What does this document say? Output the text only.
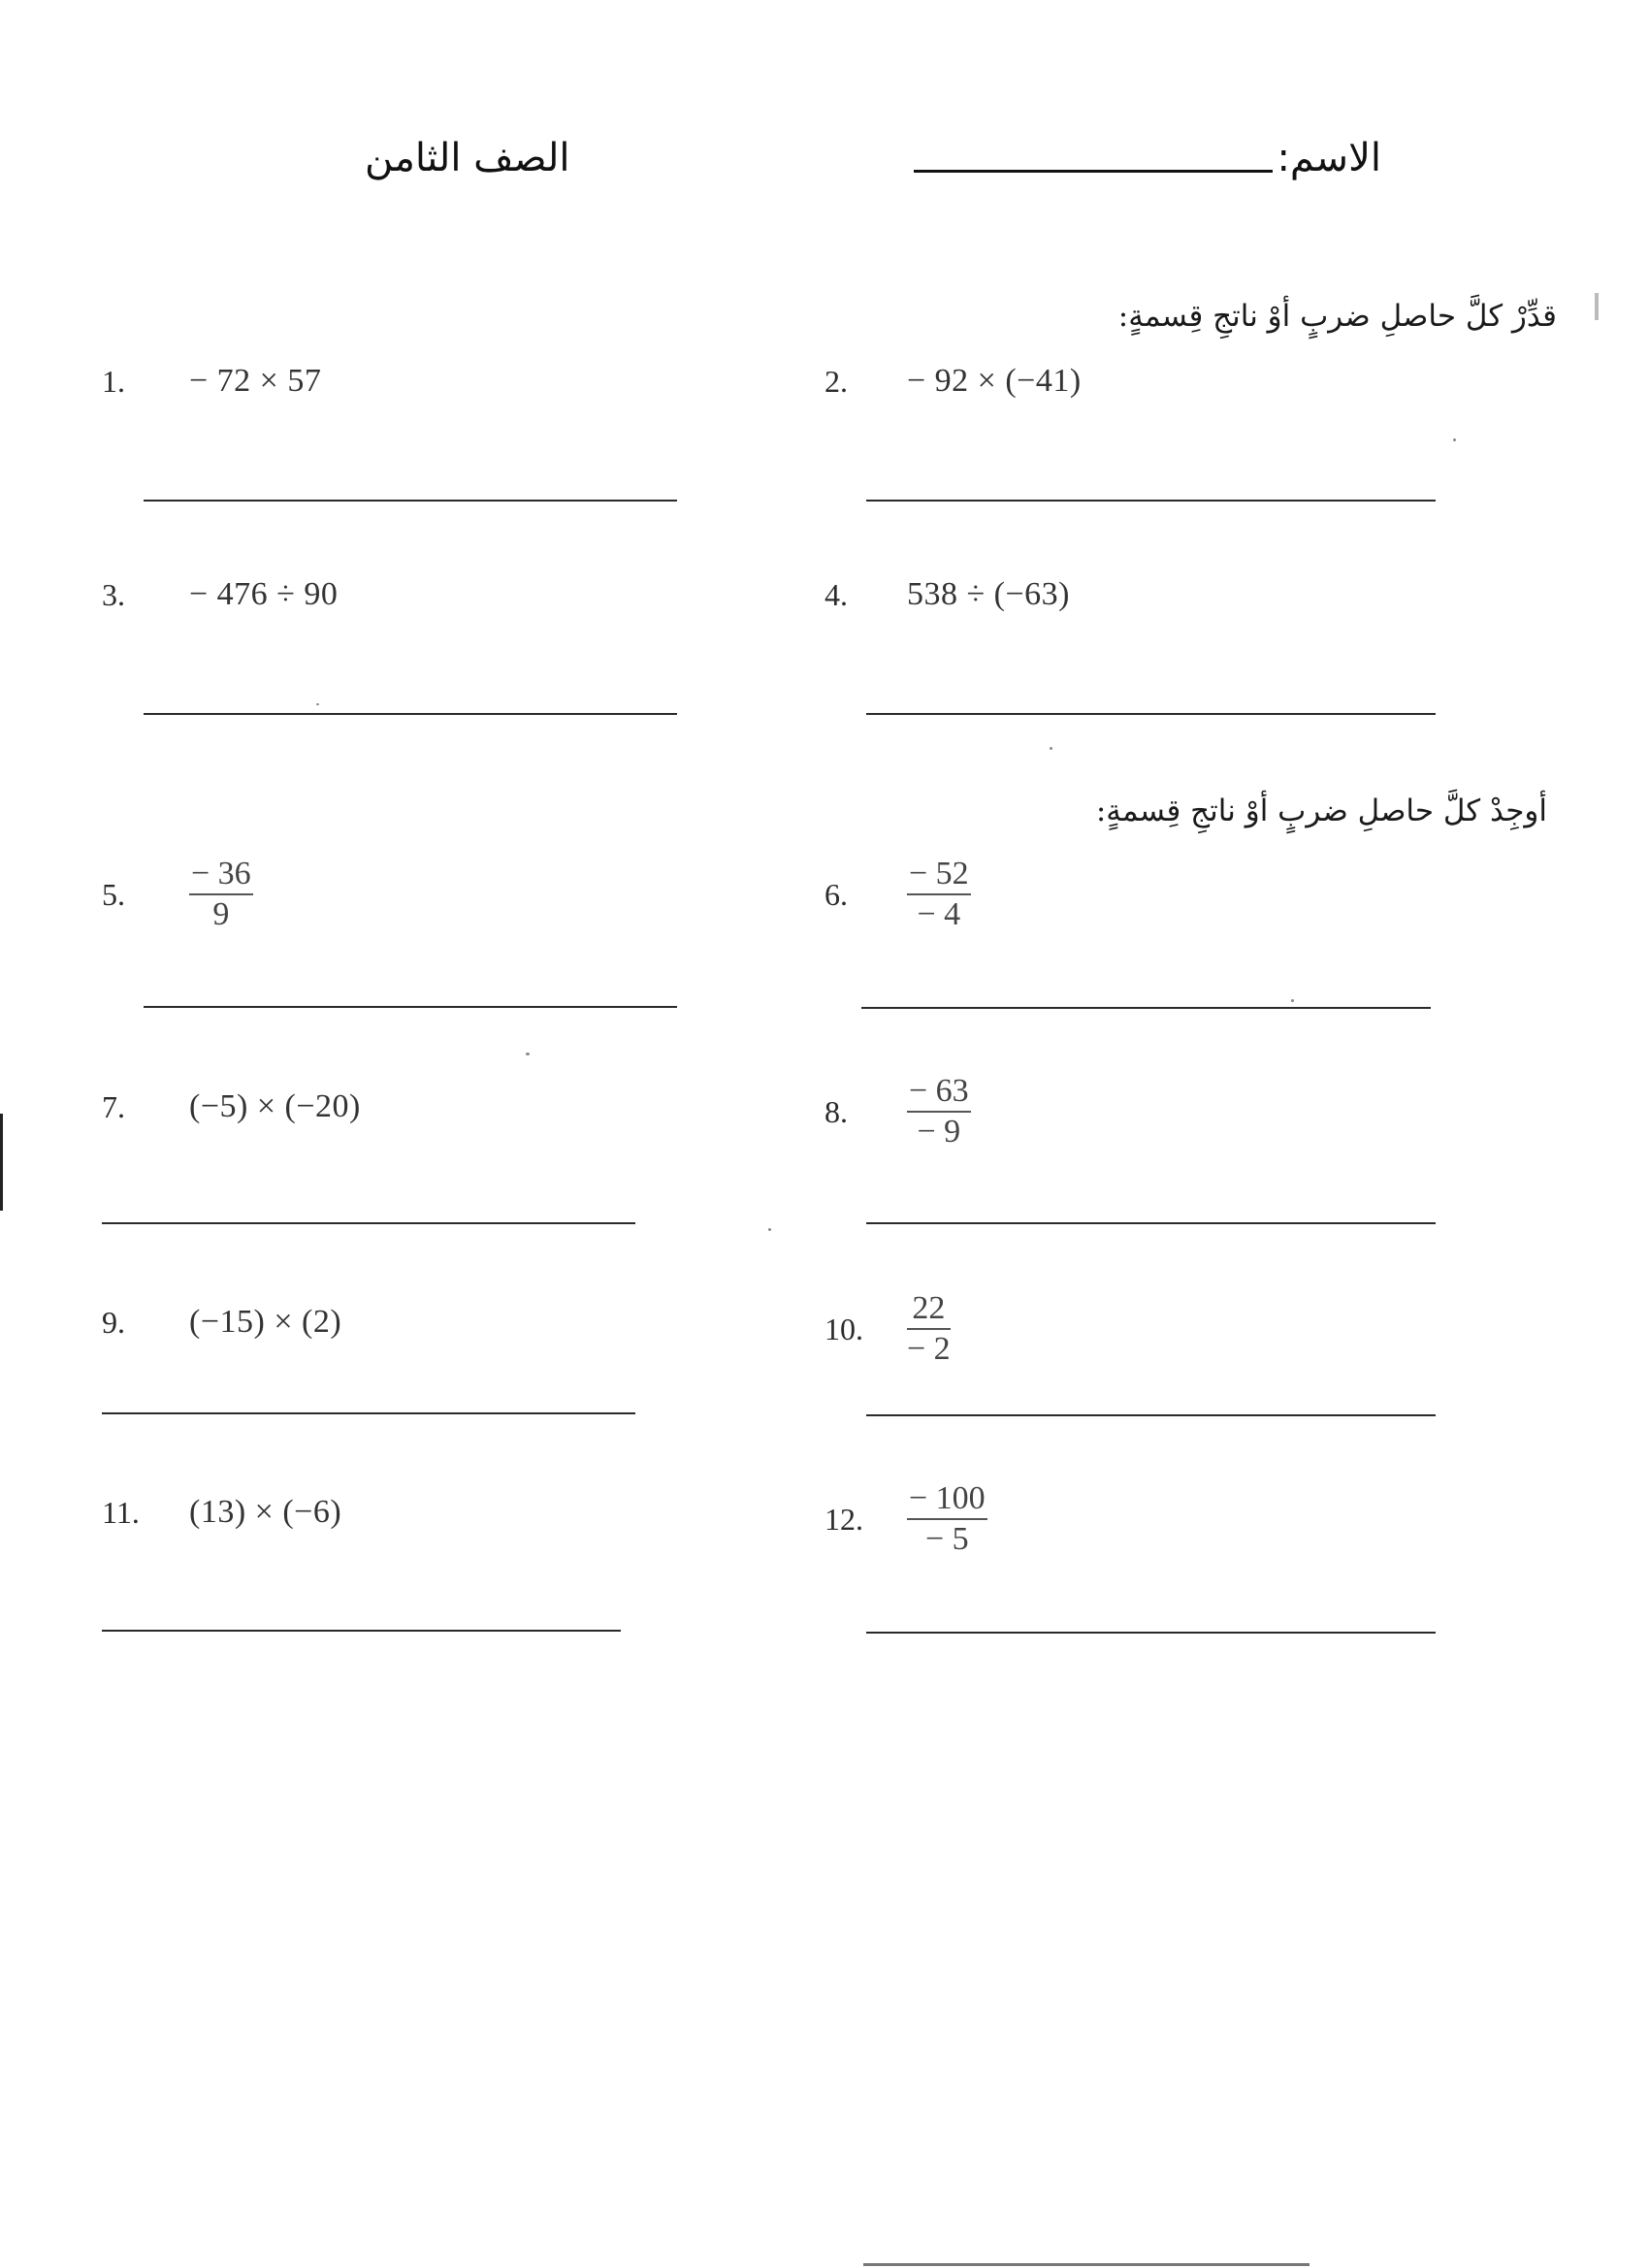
الصف الثامن	الاسم:
قدِّرْ كلَّ حاصلِ ضربٍ أوْ ناتجِ قِسمةٍ:
1.	− 72 × 57	2.	− 92 × (−41)
3.	− 476 ÷ 90	4.	538 ÷ (−63)
أوجِدْ كلَّ حاصلِ ضربٍ أوْ ناتجِ قِسمةٍ:
5.	$\frac{- 36}{9}$	6.	$\frac{- 52}{- 4}$
7.	(−5) × (−20)	8.	$\frac{- 63}{- 9}$
9.	(−15) × (2)	10.	$\frac{22}{- 2}$
11.	(13) × (−6)	12.	$\frac{- 100}{- 5}$
